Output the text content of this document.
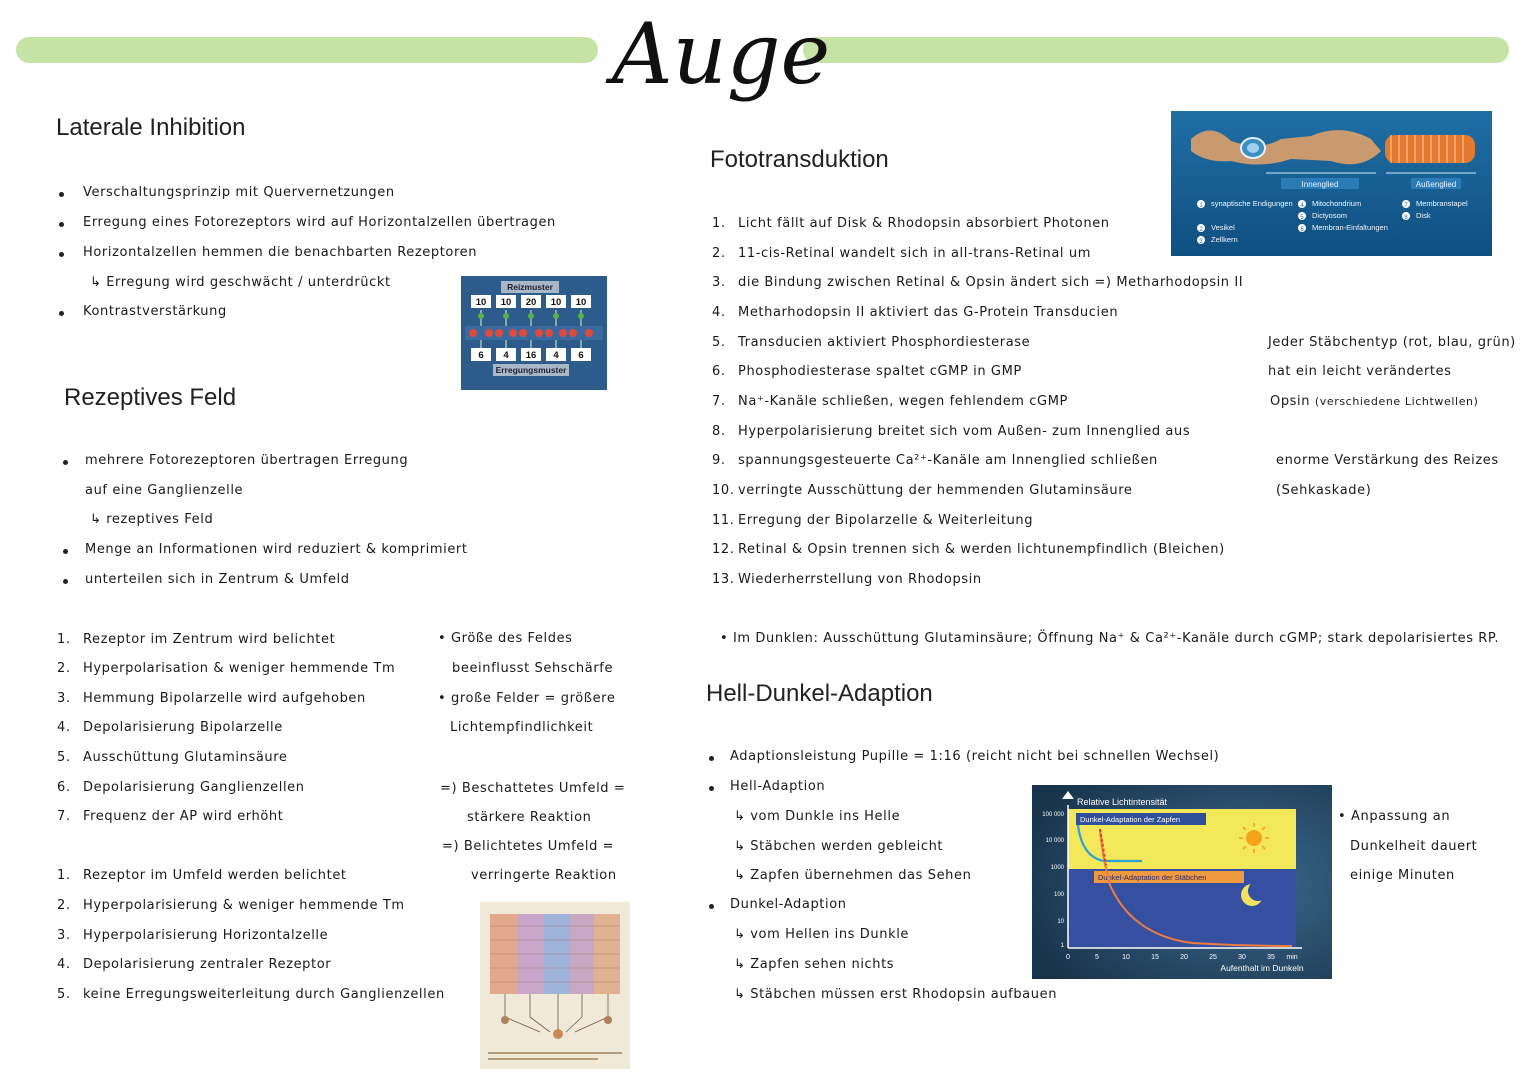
Auge
Laterale Inhibition
Verschaltungsprinzip mit Quervernetzungen
Erregung eines Fotorezeptors wird auf Horizontalzellen übertragen
Horizontalzellen hemmen die benachbarten Rezeptoren
↳ Erregung wird geschwächt / unterdrückt
Kontrastverstärkung
Reizmuster
10 10 20 10 10
6 4 16 4 6
Erregungsmuster
Rezeptives Feld
mehrere Fotorezeptoren übertragen Erregung
auf eine Ganglienzelle
↳ rezeptives Feld
Menge an Informationen wird reduziert & komprimiert
unterteilen sich in Zentrum & Umfeld
1. Rezeptor im Zentrum wird belichtet
2. Hyperpolarisation & weniger hemmende Tm
3. Hemmung Bipolarzelle wird aufgehoben
4. Depolarisierung Bipolarzelle
5. Ausschüttung Glutaminsäure
6. Depolarisierung Ganglienzellen
7. Frequenz der AP wird erhöht
• Größe des Feldes
beeinflusst Sehschärfe
• große Felder = größere
Lichtempfindlichkeit
=) Beschattetes Umfeld =
stärkere Reaktion
=) Belichtetes Umfeld =
verringerte Reaktion
1. Rezeptor im Umfeld werden belichtet
2. Hyperpolarisierung & weniger hemmende Tm
3. Hyperpolarisierung Horizontalzelle
4. Depolarisierung zentraler Rezeptor
5. keine Erregungsweiterleitung durch Ganglienzellen
Fototransduktion
Innenglied	Außenglied
1 synaptische Endigungen
2 Vesikel
3 Zellkern
4 Mitochondrium
5 Dictyosom
6 Membran-Einfaltungen
7 Membranstapel
8 Disk
1. Licht fällt auf Disk & Rhodopsin absorbiert Photonen
2. 11-cis-Retinal wandelt sich in all-trans-Retinal um
3. die Bindung zwischen Retinal & Opsin ändert sich =) Metharhodopsin II
4. Metharhodopsin II aktiviert das G-Protein Transducien
5. Transducien aktiviert Phosphordiesterase
6. Phosphodiesterase spaltet cGMP in GMP
7. Na⁺-Kanäle schließen, wegen fehlendem cGMP
8. Hyperpolarisierung breitet sich vom Außen- zum Innenglied aus
9. spannungsgesteuerte Ca²⁺-Kanäle am Innenglied schließen
10. verringte Ausschüttung der hemmenden Glutaminsäure
11. Erregung der Bipolarzelle & Weiterleitung
12. Retinal & Opsin trennen sich & werden lichtunempfindlich (Bleichen)
13. Wiederherrstellung von Rhodopsin
Jeder Stäbchentyp (rot, blau, grün)
hat ein leicht verändertes
Opsin (verschiedene Lichtwellen)
enorme Verstärkung des Reizes
(Sehkaskade)
• Im Dunklen: Ausschüttung Glutaminsäure; Öffnung Na⁺ & Ca²⁺-Kanäle durch cGMP; stark depolarisiertes RP.
Hell-Dunkel-Adaption
Adaptionsleistung Pupille = 1:16 (reicht nicht bei schnellen Wechsel)
Hell-Adaption
↳ vom Dunkle ins Helle
↳ Stäbchen werden gebleicht
↳ Zapfen übernehmen das Sehen
Dunkel-Adaption
↳ vom Hellen ins Dunkle
↳ Zapfen sehen nichts
↳ Stäbchen müssen erst Rhodopsin aufbauen
• Anpassung an
Dunkelheit dauert
einige Minuten
Relative Lichtintensität
100 000
10 000
1000
100
10
1
0	5	10	15	20	25	30	35 min
Aufenthalt im Dunkeln
Dunkel-Adaptation der Zapfen
Dunkel-Adaptation der Stäbchen
